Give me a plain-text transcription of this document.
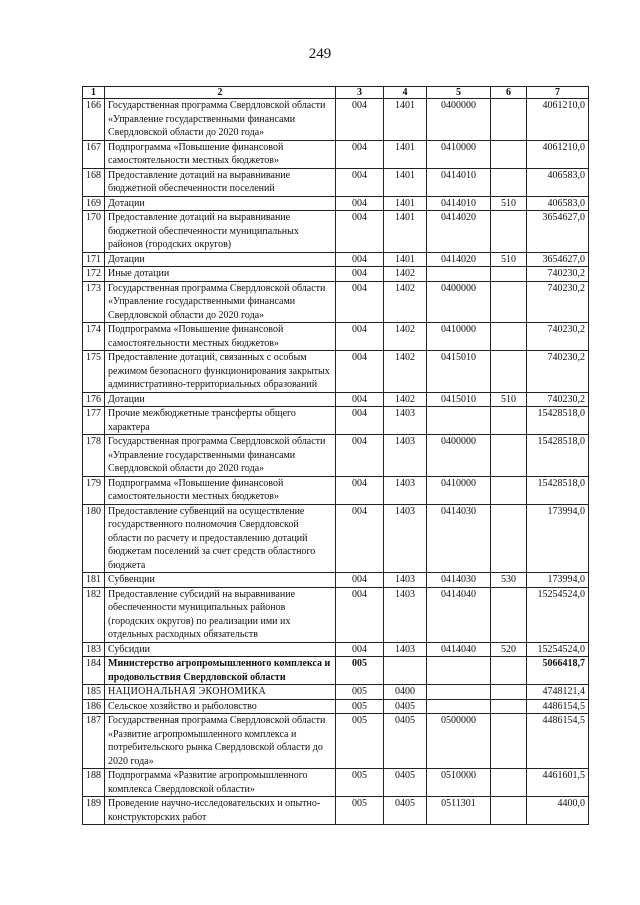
249
1	2	3	4	5	6	7
166	Государственная программа Свердловской области «Управление государственными финансами Свердловской области до 2020 года»	004	1401	0400000		4061210,0
167	Подпрограмма «Повышение финансовой самостоятельности местных бюджетов»	004	1401	0410000		4061210,0
168	Предоставление дотаций на выравнивание бюджетной обеспеченности поселений	004	1401	0414010		406583,0
169	Дотации	004	1401	0414010	510	406583,0
170	Предоставление дотаций на выравнивание бюджетной обеспеченности муниципальных районов (городских округов)	004	1401	0414020		3654627,0
171	Дотации	004	1401	0414020	510	3654627,0
172	Иные дотации	004	1402			740230,2
173	Государственная программа Свердловской области «Управление государственными финансами Свердловской области до 2020 года»	004	1402	0400000		740230,2
174	Подпрограмма «Повышение финансовой самостоятельности местных бюджетов»	004	1402	0410000		740230,2
175	Предоставление дотаций, связанных с особым режимом безопасного функционирования закрытых административно-территориальных образований	004	1402	0415010		740230,2
176	Дотации	004	1402	0415010	510	740230,2
177	Прочие межбюджетные трансферты общего характера	004	1403			15428518,0
178	Государственная программа Свердловской области «Управление государственными финансами Свердловской области до 2020 года»	004	1403	0400000		15428518,0
179	Подпрограмма «Повышение финансовой самостоятельности местных бюджетов»	004	1403	0410000		15428518,0
180	Предоставление субвенций на осуществление государственного полномочия Свердловской области по расчету и предоставлению дотаций бюджетам поселений за счет средств областного бюджета	004	1403	0414030		173994,0
181	Субвенции	004	1403	0414030	530	173994,0
182	Предоставление субсидий на выравнивание обеспеченности муниципальных районов (городских округов) по реализации ими их отдельных расходных обязательств	004	1403	0414040		15254524,0
183	Субсидии	004	1403	0414040	520	15254524,0
184	Министерство агропромышленного комплекса и продовольствия Свердловской области	005				5066418,7
185	НАЦИОНАЛЬНАЯ ЭКОНОМИКА	005	0400			4748121,4
186	Сельское хозяйство и рыболовство	005	0405			4486154,5
187	Государственная программа Свердловской области «Развитие агропромышленного комплекса и потребительского рынка Свердловской области до 2020 года»	005	0405	0500000		4486154,5
188	Подпрограмма «Развитие агропромышленного комплекса Свердловской области»	005	0405	0510000		4461601,5
189	Проведение научно-исследовательских и опытно-конструкторских работ	005	0405	0511301		4400,0
